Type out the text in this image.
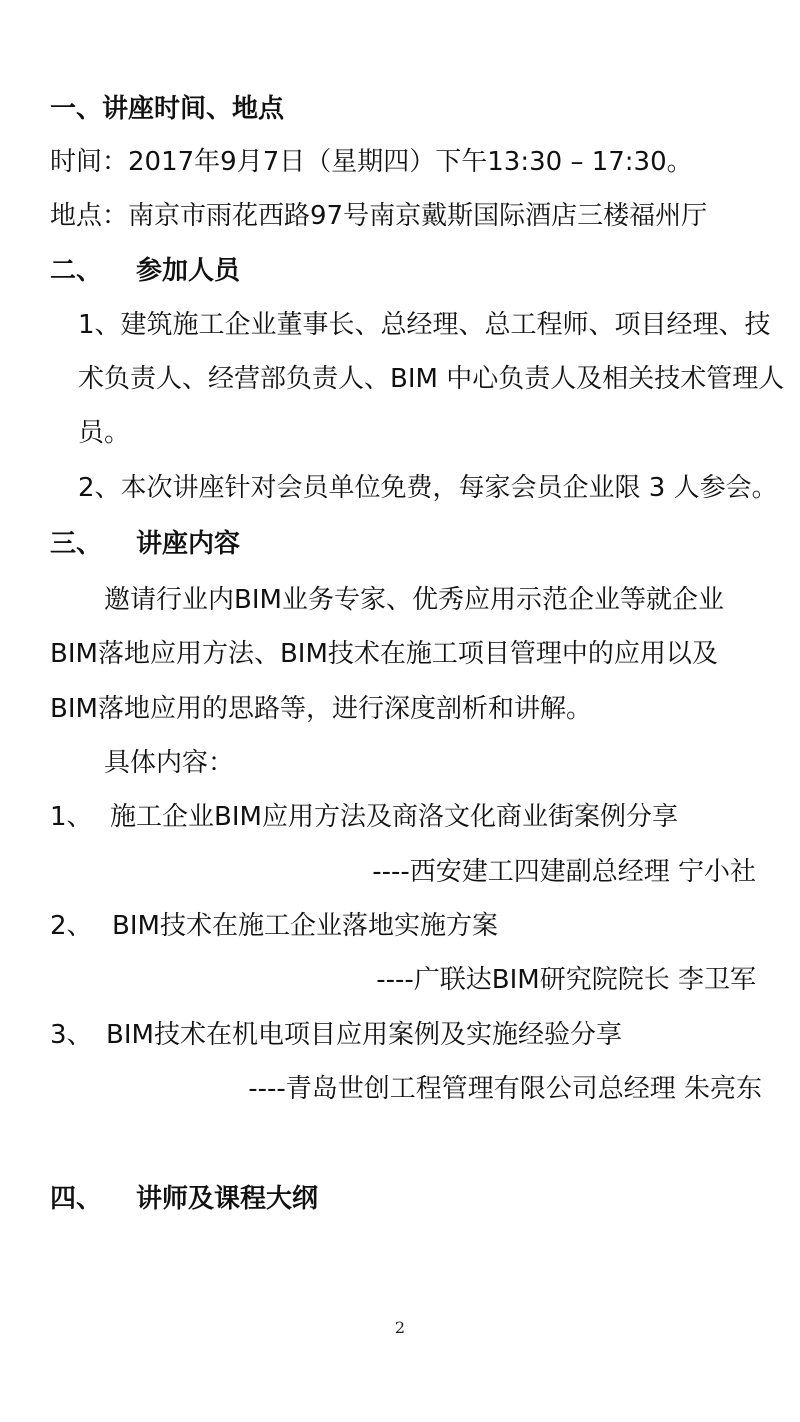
一、讲座时间、地点
时间：2017年9月7日（星期四）下午13:30 – 17:30。
地点：南京市雨花西路97号南京戴斯国际酒店三楼福州厅
二、 参加人员
1、建筑施工企业董事长、总经理、总工程师、项目经理、技
术负责人、经营部负责人、BIM 中心负责人及相关技术管理人
员。
2、本次讲座针对会员单位免费，每家会员企业限 3 人参会。
三、 讲座内容
邀请行业内BIM业务专家、优秀应用示范企业等就企业
BIM落地应用方法、BIM技术在施工项目管理中的应用以及
BIM落地应用的思路等，进行深度剖析和讲解。
具体内容：
1、 施工企业BIM应用方法及商洛文化商业街案例分享
----西安建工四建副总经理 宁小社
2、 BIM技术在施工企业落地实施方案
----广联达BIM研究院院长 李卫军
3、 BIM技术在机电项目应用案例及实施经验分享
----青岛世创工程管理有限公司总经理 朱亮东
四、 讲师及课程大纲
2
